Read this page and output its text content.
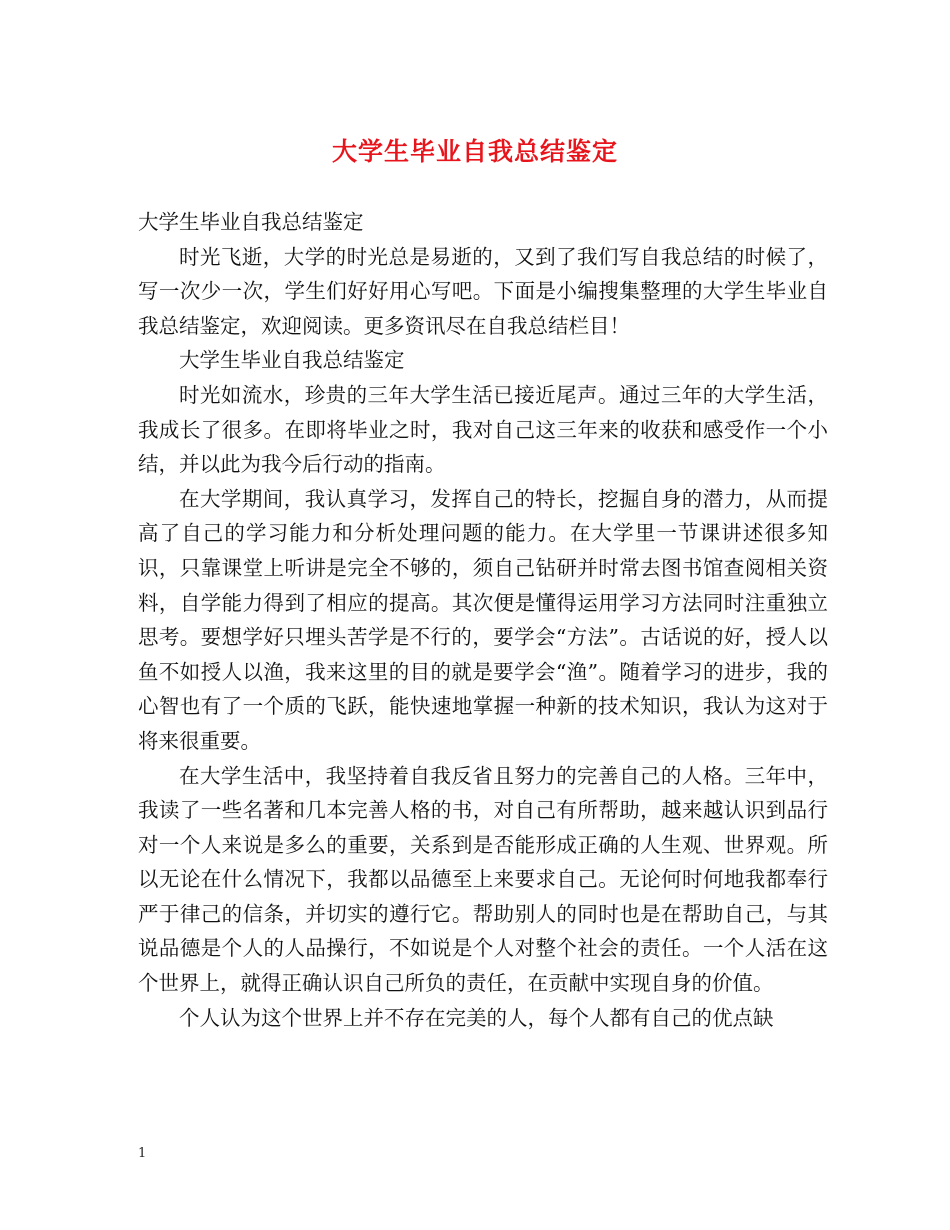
大学生毕业自我总结鉴定

大学生毕业自我总结鉴定

时光飞逝，大学的时光总是易逝的，又到了我们写自我总结的时候了，写一次少一次，学生们好好用心写吧。下面是小编搜集整理的大学生毕业自我总结鉴定，欢迎阅读。更多资讯尽在自我总结栏目！

大学生毕业自我总结鉴定

时光如流水，珍贵的三年大学生活已接近尾声。通过三年的大学生活，我成长了很多。在即将毕业之时，我对自己这三年来的收获和感受作一个小结，并以此为我今后行动的指南。

在大学期间，我认真学习，发挥自己的特长，挖掘自身的潜力，从而提高了自己的学习能力和分析处理问题的能力。在大学里一节课讲述很多知识，只靠课堂上听讲是完全不够的，须自己钻研并时常去图书馆查阅相关资料，自学能力得到了相应的提高。其次便是懂得运用学习方法同时注重独立思考。要想学好只埋头苦学是不行的，要学会“方法”。古话说的好，授人以鱼不如授人以渔，我来这里的目的就是要学会“渔”。随着学习的进步，我的心智也有了一个质的飞跃，能快速地掌握一种新的技术知识，我认为这对于将来很重要。

在大学生活中，我坚持着自我反省且努力的完善自己的人格。三年中，我读了一些名著和几本完善人格的书，对自己有所帮助，越来越认识到品行对一个人来说是多么的重要，关系到是否能形成正确的人生观、世界观。所以无论在什么情况下，我都以品德至上来要求自己。无论何时何地我都奉行严于律己的信条，并切实的遵行它。帮助别人的同时也是在帮助自己，与其说品德是个人的人品操行，不如说是个人对整个社会的责任。一个人活在这个世界上，就得正确认识自己所负的责任，在贡献中实现自身的价值。

个人认为这个世界上并不存在完美的人，每个人都有自己的优点缺

1
